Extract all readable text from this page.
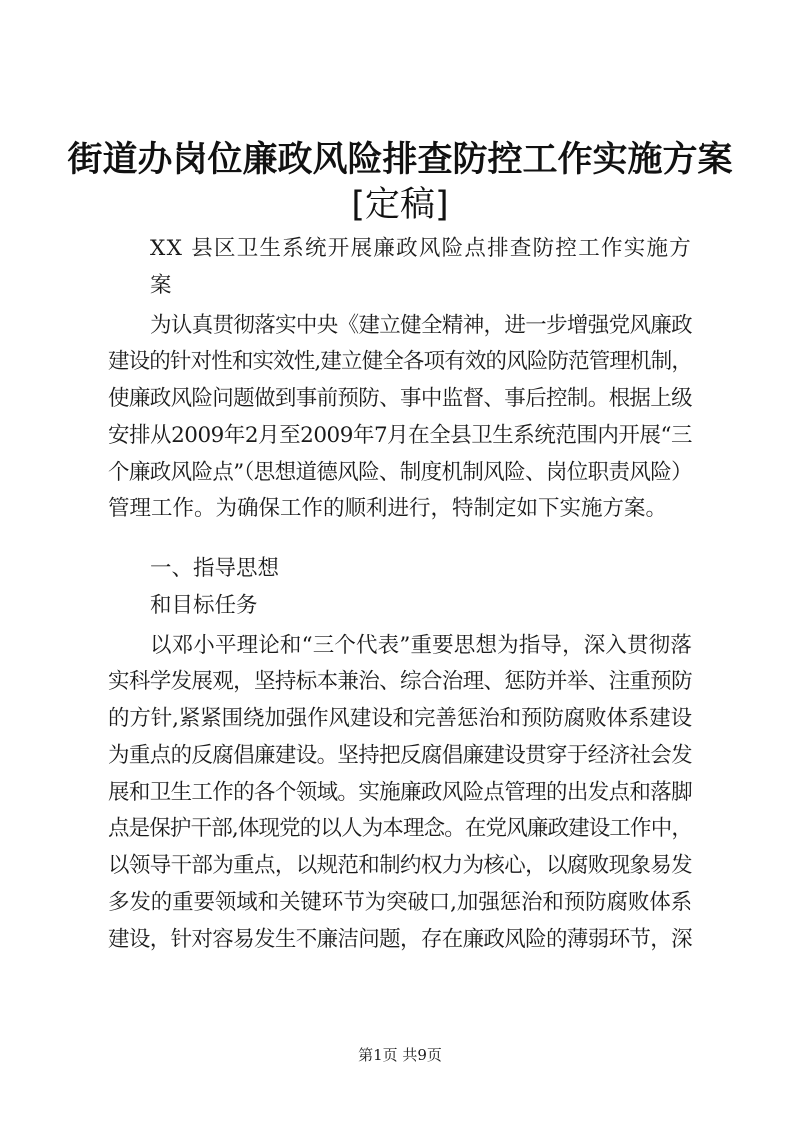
街道办岗位廉政风险排查防控工作实施方案
[定稿]
XX 县区卫生系统开展廉政风险点排查防控工作实施方
案
为认真贯彻落实中央《建立健全精神，进一步增强党风廉政
建设的针对性和实效性,建立健全各项有效的风险防范管理机制，
使廉政风险问题做到事前预防、事中监督、事后控制。根据上级
安排从2009年2月至2009年7月在全县卫生系统范围内开展“三
个廉政风险点”（思想道德风险、制度机制风险、岗位职责风险）
管理工作。为确保工作的顺利进行，特制定如下实施方案。
一、指导思想
和目标任务
以邓小平理论和“三个代表”重要思想为指导，深入贯彻落
实科学发展观，坚持标本兼治、综合治理、惩防并举、注重预防
的方针,紧紧围绕加强作风建设和完善惩治和预防腐败体系建设
为重点的反腐倡廉建设。坚持把反腐倡廉建设贯穿于经济社会发
展和卫生工作的各个领域。实施廉政风险点管理的出发点和落脚
点是保护干部,体现党的以人为本理念。在党风廉政建设工作中，
以领导干部为重点，以规范和制约权力为核心，以腐败现象易发
多发的重要领域和关键环节为突破口,加强惩治和预防腐败体系
建设，针对容易发生不廉洁问题，存在廉政风险的薄弱环节，深
第1页 共9页
